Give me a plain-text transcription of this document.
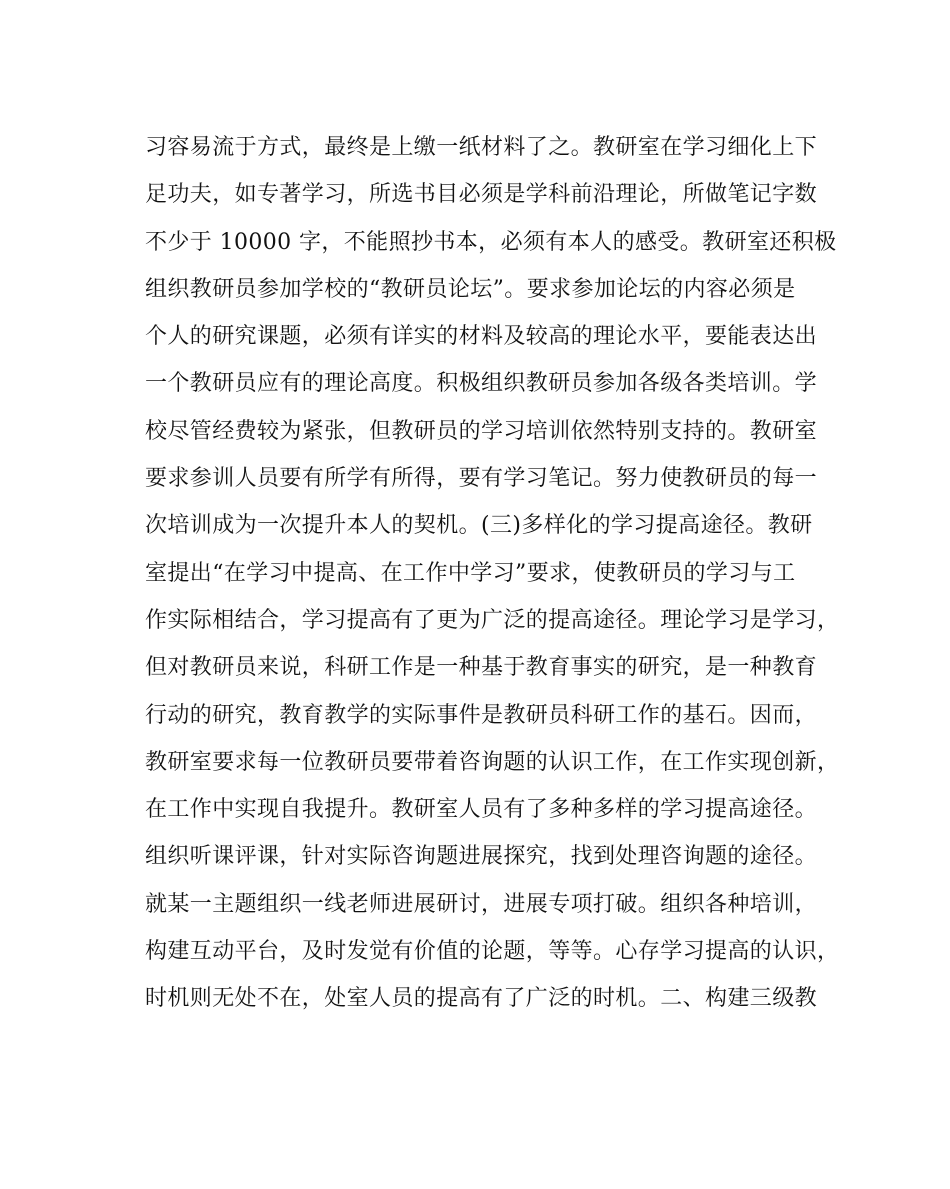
习容易流于方式，最终是上缴一纸材料了之。教研室在学习细化上下
足功夫，如专著学习，所选书目必须是学科前沿理论，所做笔记字数
不少于 10000 字，不能照抄书本，必须有本人的感受。教研室还积极
组织教研员参加学校的“教研员论坛”。要求参加论坛的内容必须是
个人的研究课题，必须有详实的材料及较高的理论水平，要能表达出
一个教研员应有的理论高度。积极组织教研员参加各级各类培训。学
校尽管经费较为紧张，但教研员的学习培训依然特别支持的。教研室
要求参训人员要有所学有所得，要有学习笔记。努力使教研员的每一
次培训成为一次提升本人的契机。(三)多样化的学习提高途径。教研
室提出“在学习中提高、在工作中学习”要求，使教研员的学习与工
作实际相结合，学习提高有了更为广泛的提高途径。理论学习是学习，
但对教研员来说，科研工作是一种基于教育事实的研究，是一种教育
行动的研究，教育教学的实际事件是教研员科研工作的基石。因而，
教研室要求每一位教研员要带着咨询题的认识工作，在工作实现创新，
在工作中实现自我提升。教研室人员有了多种多样的学习提高途径。
组织听课评课，针对实际咨询题进展探究，找到处理咨询题的途径。
就某一主题组织一线老师进展研讨，进展专项打破。组织各种培训，
构建互动平台，及时发觉有价值的论题，等等。心存学习提高的认识，
时机则无处不在，处室人员的提高有了广泛的时机。二、构建三级教
